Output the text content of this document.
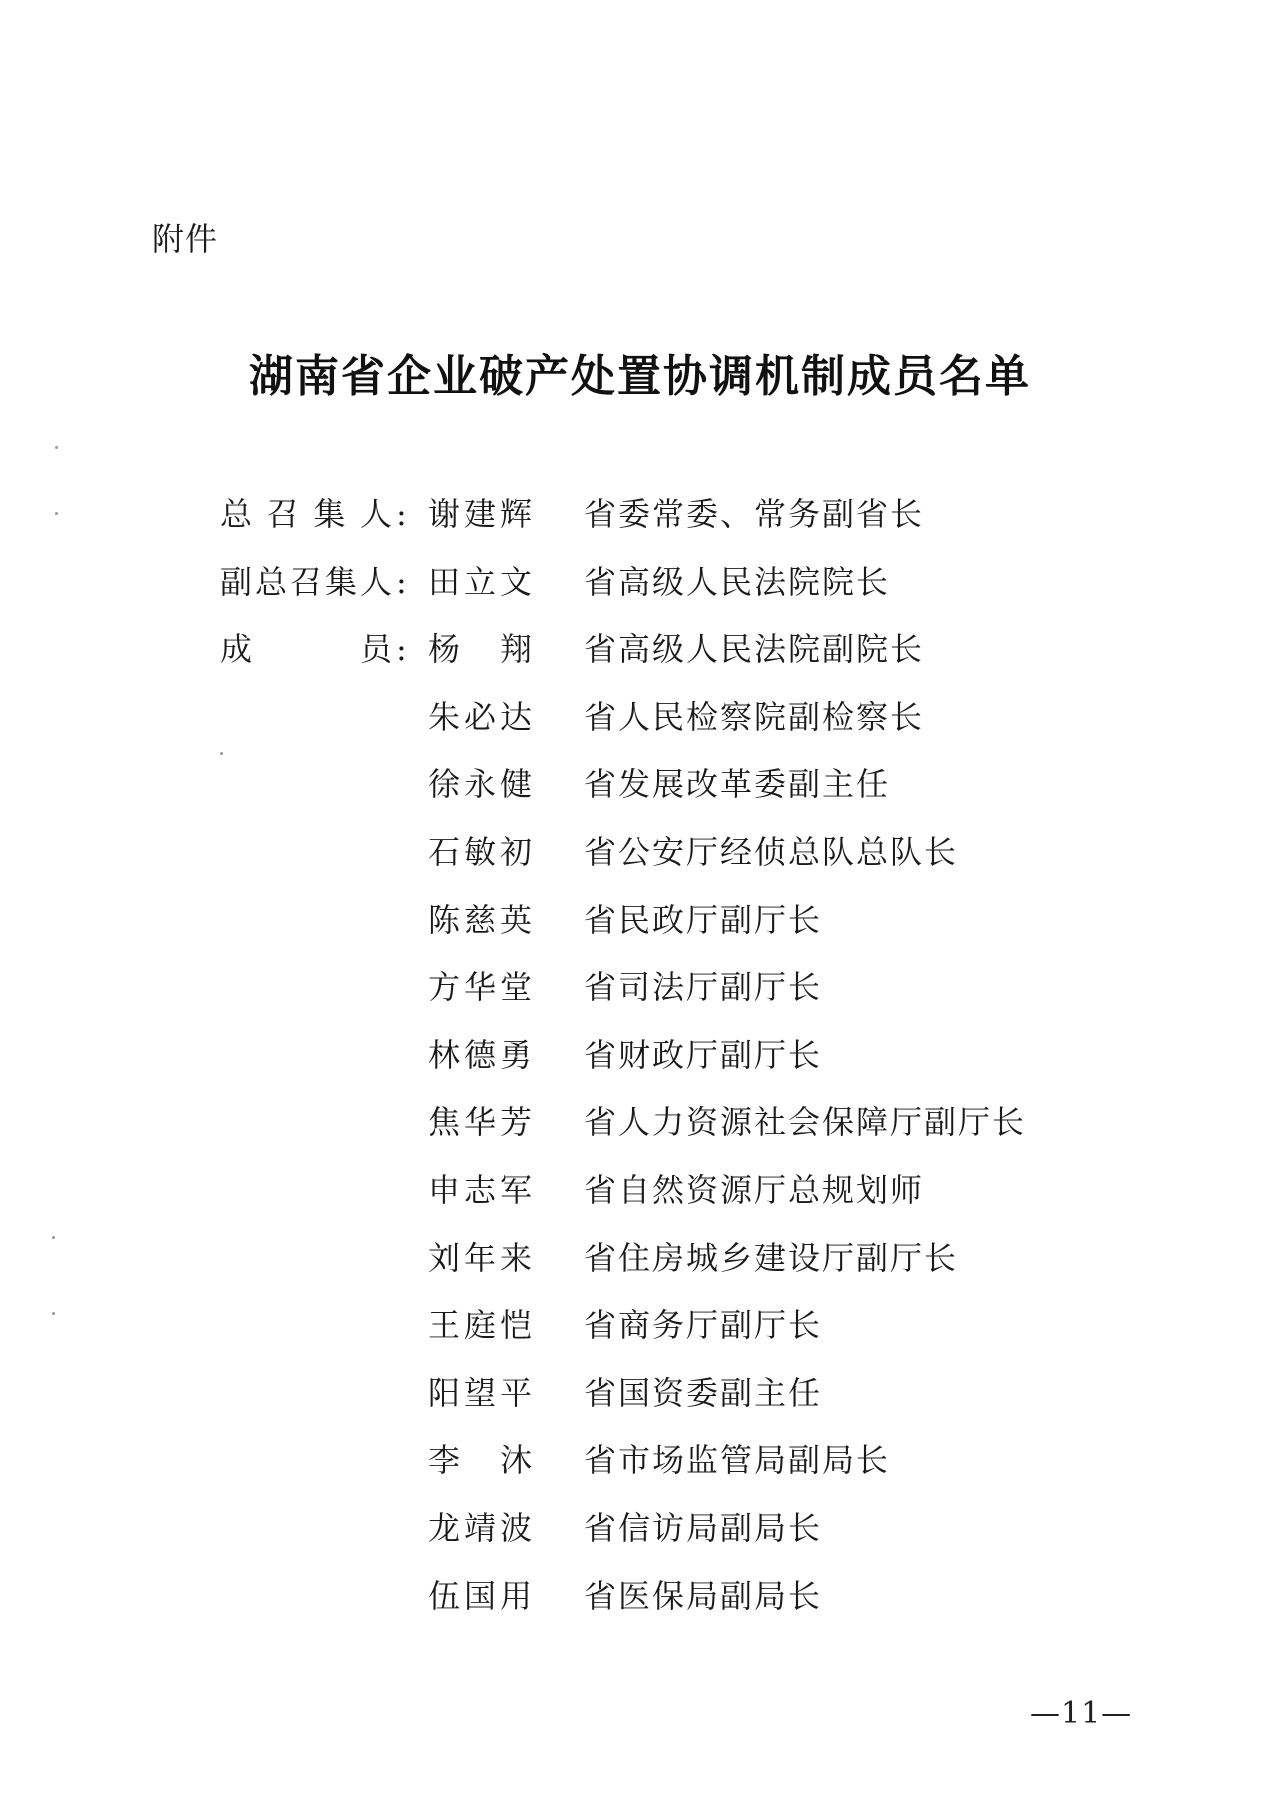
附件
湖南省企业破产处置协调机制成员名单
总 召 集 人 : 谢 建 辉 省委常委、常务副省长
副 总 召 集 人 : 田 立 文 省高级人民法院院长
成	员 : 杨 翔 省高级人民法院副院长
朱 必 达 省人民检察院副检察长
徐 永 健 省发展改革委副主任
石 敏 初 省公安厅经侦总队总队长
陈 慈 英 省民政厅副厅长
方 华 堂 省司法厅副厅长
林 德 勇 省财政厅副厅长
焦 华 芳 省人力资源社会保障厅副厅长
申 志 军 省自然资源厅总规划师
刘 年 来 省住房城乡建设厅副厅长
王 庭 恺 省商务厅副厅长
阳 望 平 省国资委副主任
李 沐 省市场监管局副局长
龙 靖 波 省信访局副局长
伍 国 用 省医保局副局长
—11—
